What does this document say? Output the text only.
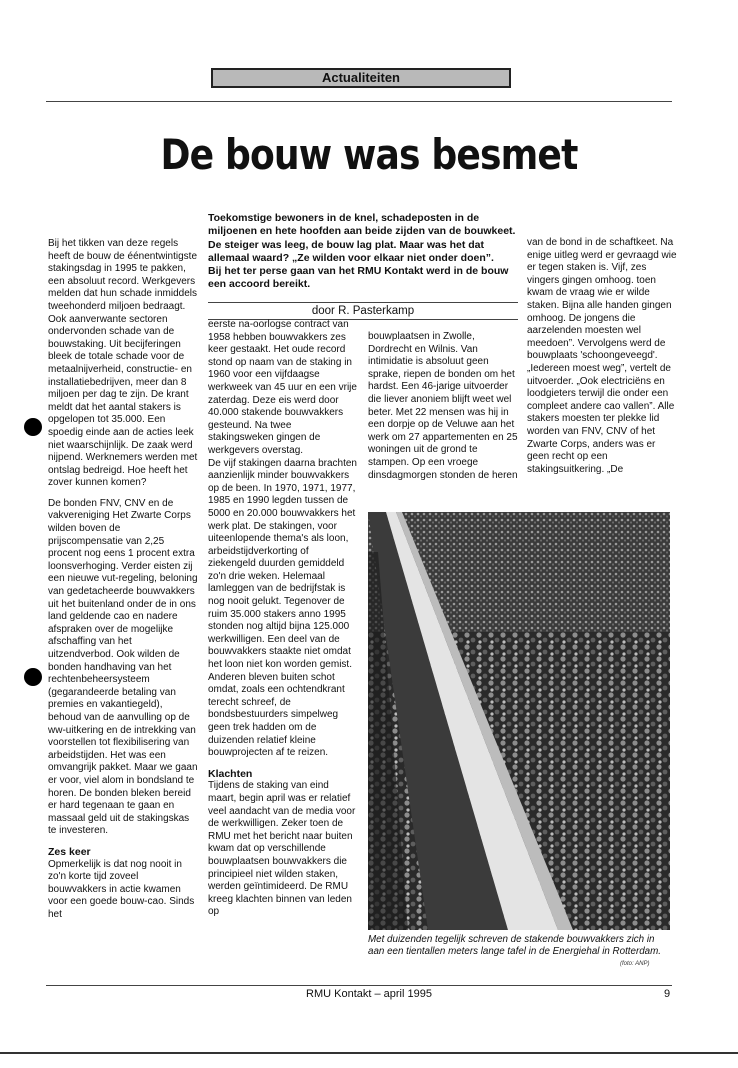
Actualiteiten
De bouw was besmet

Toekomstige bewoners in de knel, schadeposten in de miljoenen en hete hoofden aan beide zijden van de bouwkeet. De steiger was leeg, de bouw lag plat. Maar was het dat allemaal waard? „Ze wilden voor elkaar niet onder doen”.

Bij het ter perse gaan van het RMU Kontakt werd in de bouw een accoord bereikt.

door R. Pasterkamp

Bij het tikken van deze regels heeft de bouw de éénentwintigste stakingsdag in 1995 te pakken, een absoluut record. Werkgevers melden dat hun schade inmiddels tweehonderd miljoen bedraagt. Ook aanverwante sectoren ondervonden schade van de bouwstaking. Uit becijferingen bleek de totale schade voor de metaalnijverheid, constructie- en installatiebedrijven, meer dan 8 miljoen per dag te zijn. De krant meldt dat het aantal stakers is opgelopen tot 35.000. Een spoedig einde aan de acties leek niet waarschijnlijk. De zaak werd nijpend. Werknemers werden met ontslag bedreigd. Hoe heeft het zover kunnen komen?

De bonden FNV, CNV en de vakvereniging Het Zwarte Corps wilden boven de prijscompensatie van 2,25 procent nog eens 1 procent extra loonsverhoging. Verder eisten zij een nieuwe vut-regeling, beloning van gedetacheerde bouwvakkers uit het buitenland onder de in ons land geldende cao en nadere afspraken over de mogelijke afschaffing van het uitzendverbod. Ook wilden de bonden handhaving van het rechtenbeheersysteem (gegarandeerde betaling van premies en vakantiegeld), behoud van de aanvulling op de ww-uitkering en de intrekking van voorstellen tot flexibilisering van arbeidstijden. Het was een omvangrijk pakket. Maar we gaan er voor, viel alom in bondsland te horen. De bonden bleken bereid er hard tegenaan te gaan en massaal geld uit de stakingskas te investeren.

Zes keer

Opmerkelijk is dat nog nooit in zo'n korte tijd zoveel bouwvakkers in actie kwamen voor een goede bouw-cao. Sinds het

eerste na-oorlogse contract van 1958 hebben bouwvakkers zes keer gestaakt. Het oude record stond op naam van de staking in 1960 voor een vijfdaagse werkweek van 45 uur en een vrije zaterdag. Deze eis werd door 40.000 stakende bouwvakkers gesteund. Na twee stakingsweken gingen de werkgevers overstag.

De vijf stakingen daarna brachten aanzienlijk minder bouwvakkers op de been. In 1970, 1971, 1977, 1985 en 1990 legden tussen de 5000 en 20.000 bouwvakkers het werk plat. De stakingen, voor uiteenlopende thema's als loon, arbeidstijdverkorting of ziekengeld duurden gemiddeld zo'n drie weken. Helemaal lamleggen van de bedrijfstak is nog nooit gelukt. Tegenover de ruim 35.000 stakers anno 1995 stonden nog altijd bijna 125.000 werkwilligen. Een deel van de bouwvakkers staakte niet omdat het loon niet kon worden gemist. Anderen bleven buiten schot omdat, zoals een ochtendkrant terecht schreef, de bondsbestuurders simpelweg geen trek hadden om de duizenden relatief kleine bouwprojecten af te reizen.

Klachten

Tijdens de staking van eind maart, begin april was er relatief veel aandacht van de media voor de werkwilligen. Zeker toen de RMU met het bericht naar buiten kwam dat op verschillende bouwplaatsen bouwvakkers die principieel niet wilden staken, werden geïntimideerd. De RMU kreeg klachten binnen van leden op

bouwplaatsen in Zwolle, Dordrecht en Wilnis. Van intimidatie is absoluut geen sprake, riepen de bonden om het hardst. Een 46-jarige uitvoerder die liever anoniem blijft weet wel beter. Met 22 mensen was hij in een dorpje op de Veluwe aan het werk om 27 appartementen en 25 woningen uit de grond te stampen. Op een vroege dinsdagmorgen stonden de heren

van de bond in de schaftkeet. Na enige uitleg werd er gevraagd wie er tegen staken is. Vijf, zes vingers gingen omhoog. toen kwam de vraag wie er wilde staken. Bijna alle handen gingen omhoog. De jongens die aarzelenden moesten wel meedoen”. Vervolgens werd de bouwplaats 'schoongeveegd'. „Iedereen moest weg”, vertelt de uitvoerder. „Ook electriciëns en loodgieters terwijl die onder een compleet andere cao vallen”. Alle stakers moesten ter plekke lid worden van FNV, CNV of het Zwarte Corps, anders was er geen recht op een stakingsuitkering. „De

Met duizenden tegelijk schreven de stakende bouwvakkers zich in aan een tientallen meters lange tafel in de Energiehal in Rotterdam.
(foto: ANP)
RMU Kontakt – april 1995	9
